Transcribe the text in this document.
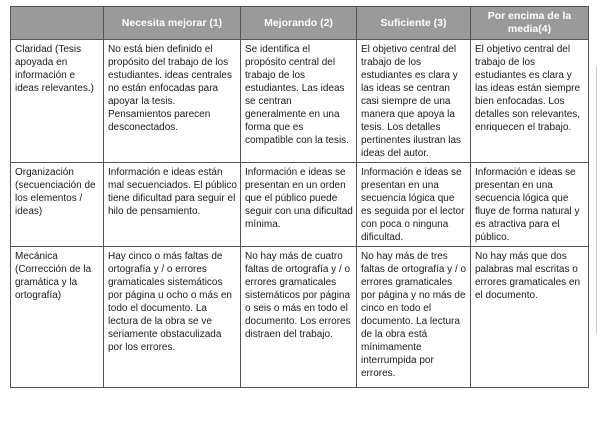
	Necesita mejorar (1)	Mejorando (2)	Suficiente (3)	Por encima de la media(4)
Claridad (Tesis apoyada en información e ideas relevantes.)	No está bien definido el propósito del trabajo de los estudiantes. ideas centrales no están enfocadas para apoyar la tesis. Pensamientos parecen desconectados.	Se identifica el propósito central del trabajo de los estudiantes. Las ideas se centran generalmente en una forma que es compatible con la tesis.	El objetivo central del trabajo de los estudiantes es clara y las ideas se centran casi siempre de una manera que apoya la tesis. Los detalles pertinentes ilustran las ideas del autor.	El objetivo central del trabajo de los estudiantes es clara y las ideas están siempre bien enfocadas. Los detalles son relevantes, enriquecen el trabajo.
Organización (secuenciación de los elementos / ideas)	Información e ideas están mal secuenciados. El público tiene dificultad para seguir el hilo de pensamiento.	Información e ideas se presentan en un orden que el público puede seguir con una dificultad mínima.	Información e ideas se presentan en una secuencia lógica que es seguida por el lector con poca o ninguna dificultad.	Información e ideas se presentan en una secuencia lógica que fluye de forma natural y es atractiva para el público.
Mecánica (Corrección de la gramática y la ortografía)	Hay cinco o más faltas de ortografía y / o errores gramaticales sistemáticos por página u ocho o más en todo el documento. La lectura de la obra se ve seriamente obstaculizada por los errores.	No hay más de cuatro faltas de ortografía y / o errores gramaticales sistemáticos por página o seis o más en todo el documento. Los errores distraen del trabajo.	No hay más de tres faltas de ortografía y / o errores gramaticales por página y no más de cinco en todo el documento. La lectura de la obra está mínimamente interrumpida por errores.	No hay más que dos palabras mal escritas o errores gramaticales en el documento.
